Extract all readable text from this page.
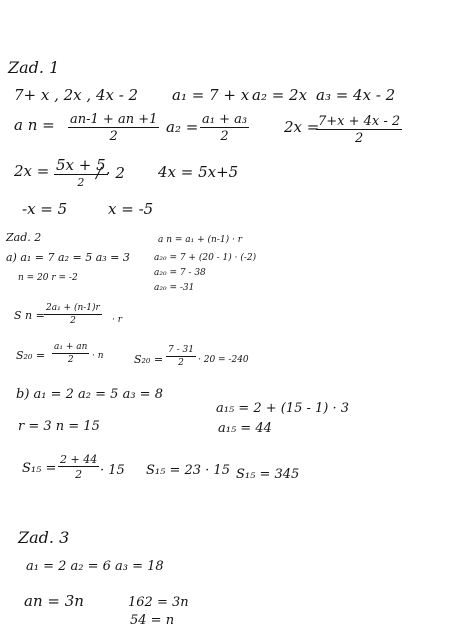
Zad. 1
7+ x , 2x , 4x - 2 a₁ = 7 + x a₂ = 2x a₃ = 4x - 2
a $n = \frac{an-1 + an +1}{2} a_2 = \frac{\text{a₁ + a₃}}{2} 2x$ =
$\frac{7+x + 4x - 2}{2}$
2x = 5x + 5
2
/ · 2 4x = 5x+5
-x = 5	x = -5
Zad. 2
a) a₁ = 7 a₂ = 5 a₃ = 3
n = 20 r = -2
a n = a₁ + (n-1) · r
a₂₀ = 7 + (20 - 1) · (-2)
a₂₀ = 7 - 38
a₂₀ = -31
S $n = \frac{\text{2a₁ + (n-1)r}}{2} \cdot r$
$S_{20} = \frac{\text{a₁ + an}}{2} \cdot n$	$S_{20} = \frac{7 - 31}{2} \cdot 20 = -240$
b) a₁ = 2 a₂ = 5 a₃ = 8
r = 3 n = 15
a₁₅ = 2 + (15 - 1) · 3
a₁₅ = 44
$S_{15} = \frac{2 + 44}{2} \cdot 15$ S₁₅ = 23 · 15 S₁₅ = 345
Zad. 3
a₁ = 2 a₂ = 6 a₃ = 18
an = 3n	162 = 3n
54 = n
